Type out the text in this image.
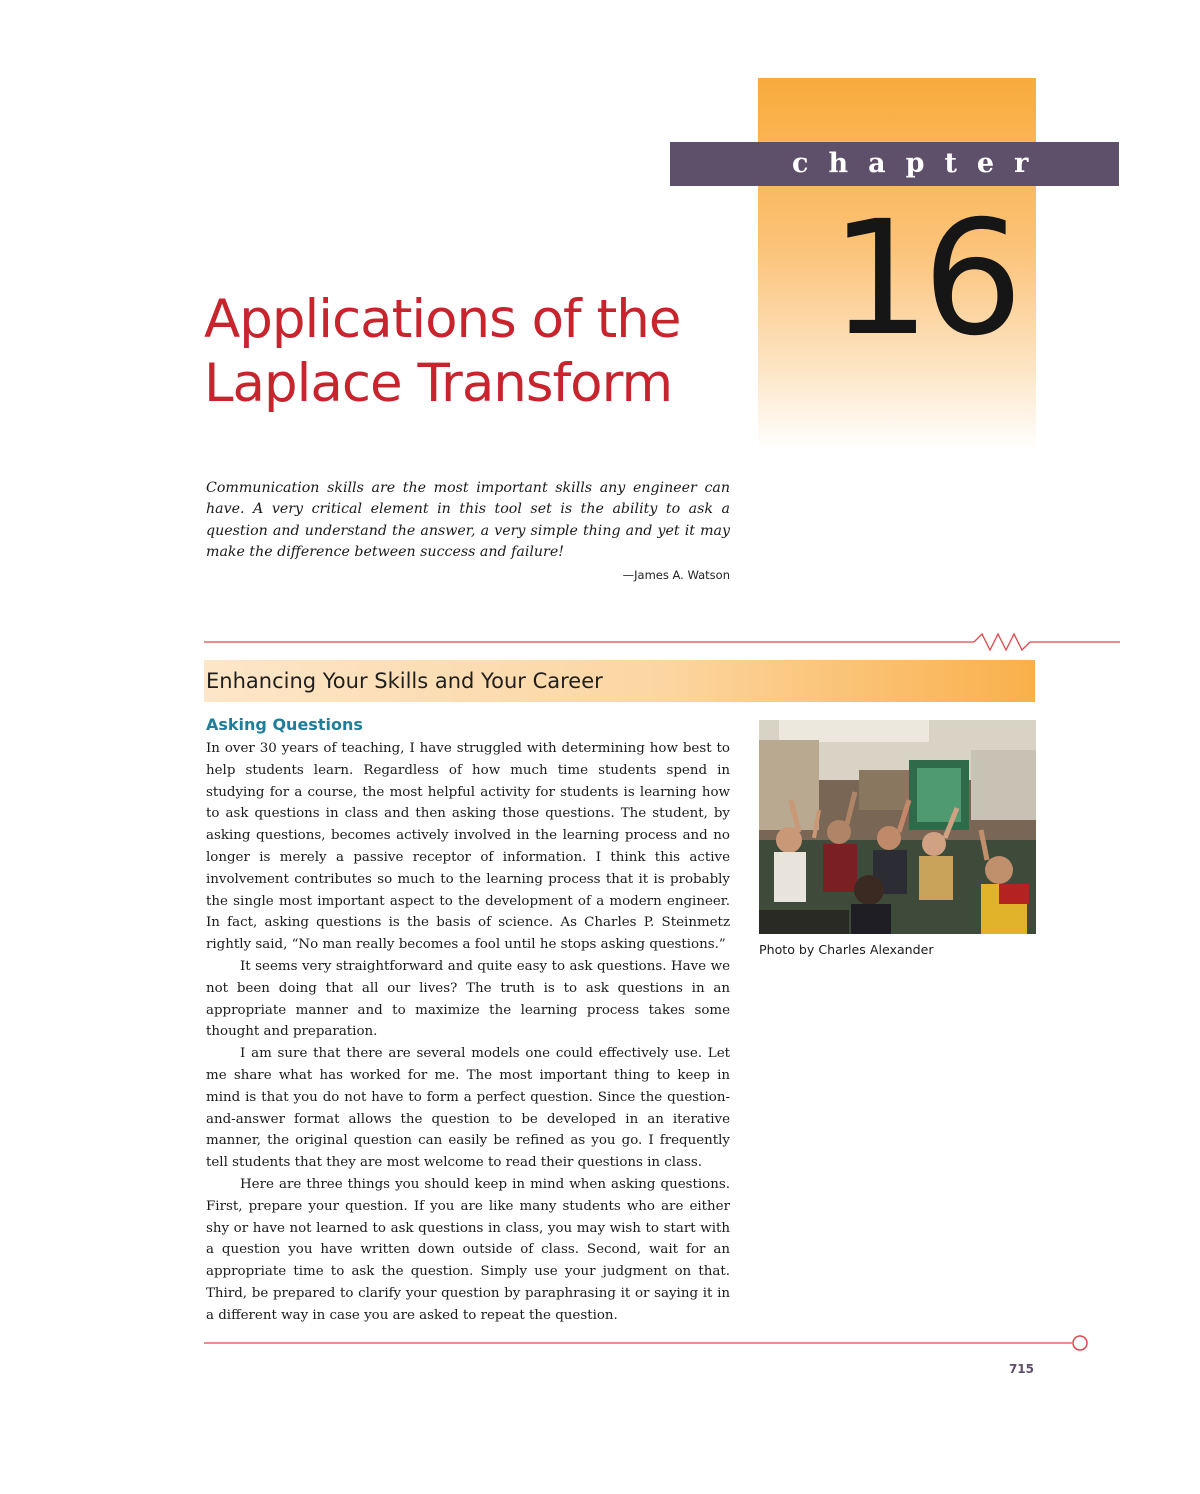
chapter
16
Applications of the
Laplace Transform

Communication skills are the most important skills any engineer can have. A very critical element in this tool set is the ability to ask a question and understand the answer, a very simple thing and yet it may make the difference between success and failure!

—James A. Watson
Enhancing Your Skills and Your Career
Asking Questions

In over 30 years of teaching, I have struggled with determining how best to help students learn. Regardless of how much time students spend in studying for a course, the most helpful activity for students is learning how to ask questions in class and then asking those questions. The student, by asking questions, becomes actively involved in the learning process and no longer is merely a passive receptor of information. I think this active involvement contributes so much to the learning process that it is probably the single most important aspect to the development of a modern engineer. In fact, asking questions is the basis of science. As Charles P. Steinmetz rightly said, “No man really becomes a fool until he stops asking questions.”

It seems very straightforward and quite easy to ask questions. Have we not been doing that all our lives? The truth is to ask questions in an appropriate manner and to maximize the learning process takes some thought and preparation.

I am sure that there are several models one could effectively use. Let me share what has worked for me. The most important thing to keep in mind is that you do not have to form a perfect question. Since the question-and-answer format allows the question to be developed in an iterative manner, the original question can easily be refined as you go. I frequently tell students that they are most welcome to read their questions in class.

Here are three things you should keep in mind when asking questions. First, prepare your question. If you are like many students who are either shy or have not learned to ask questions in class, you may wish to start with a question you have written down outside of class. Second, wait for an appropriate time to ask the question. Simply use your judgment on that. Third, be prepared to clarify your question by paraphrasing it or saying it in a different way in case you are asked to repeat the question.

Photo by Charles Alexander
715
